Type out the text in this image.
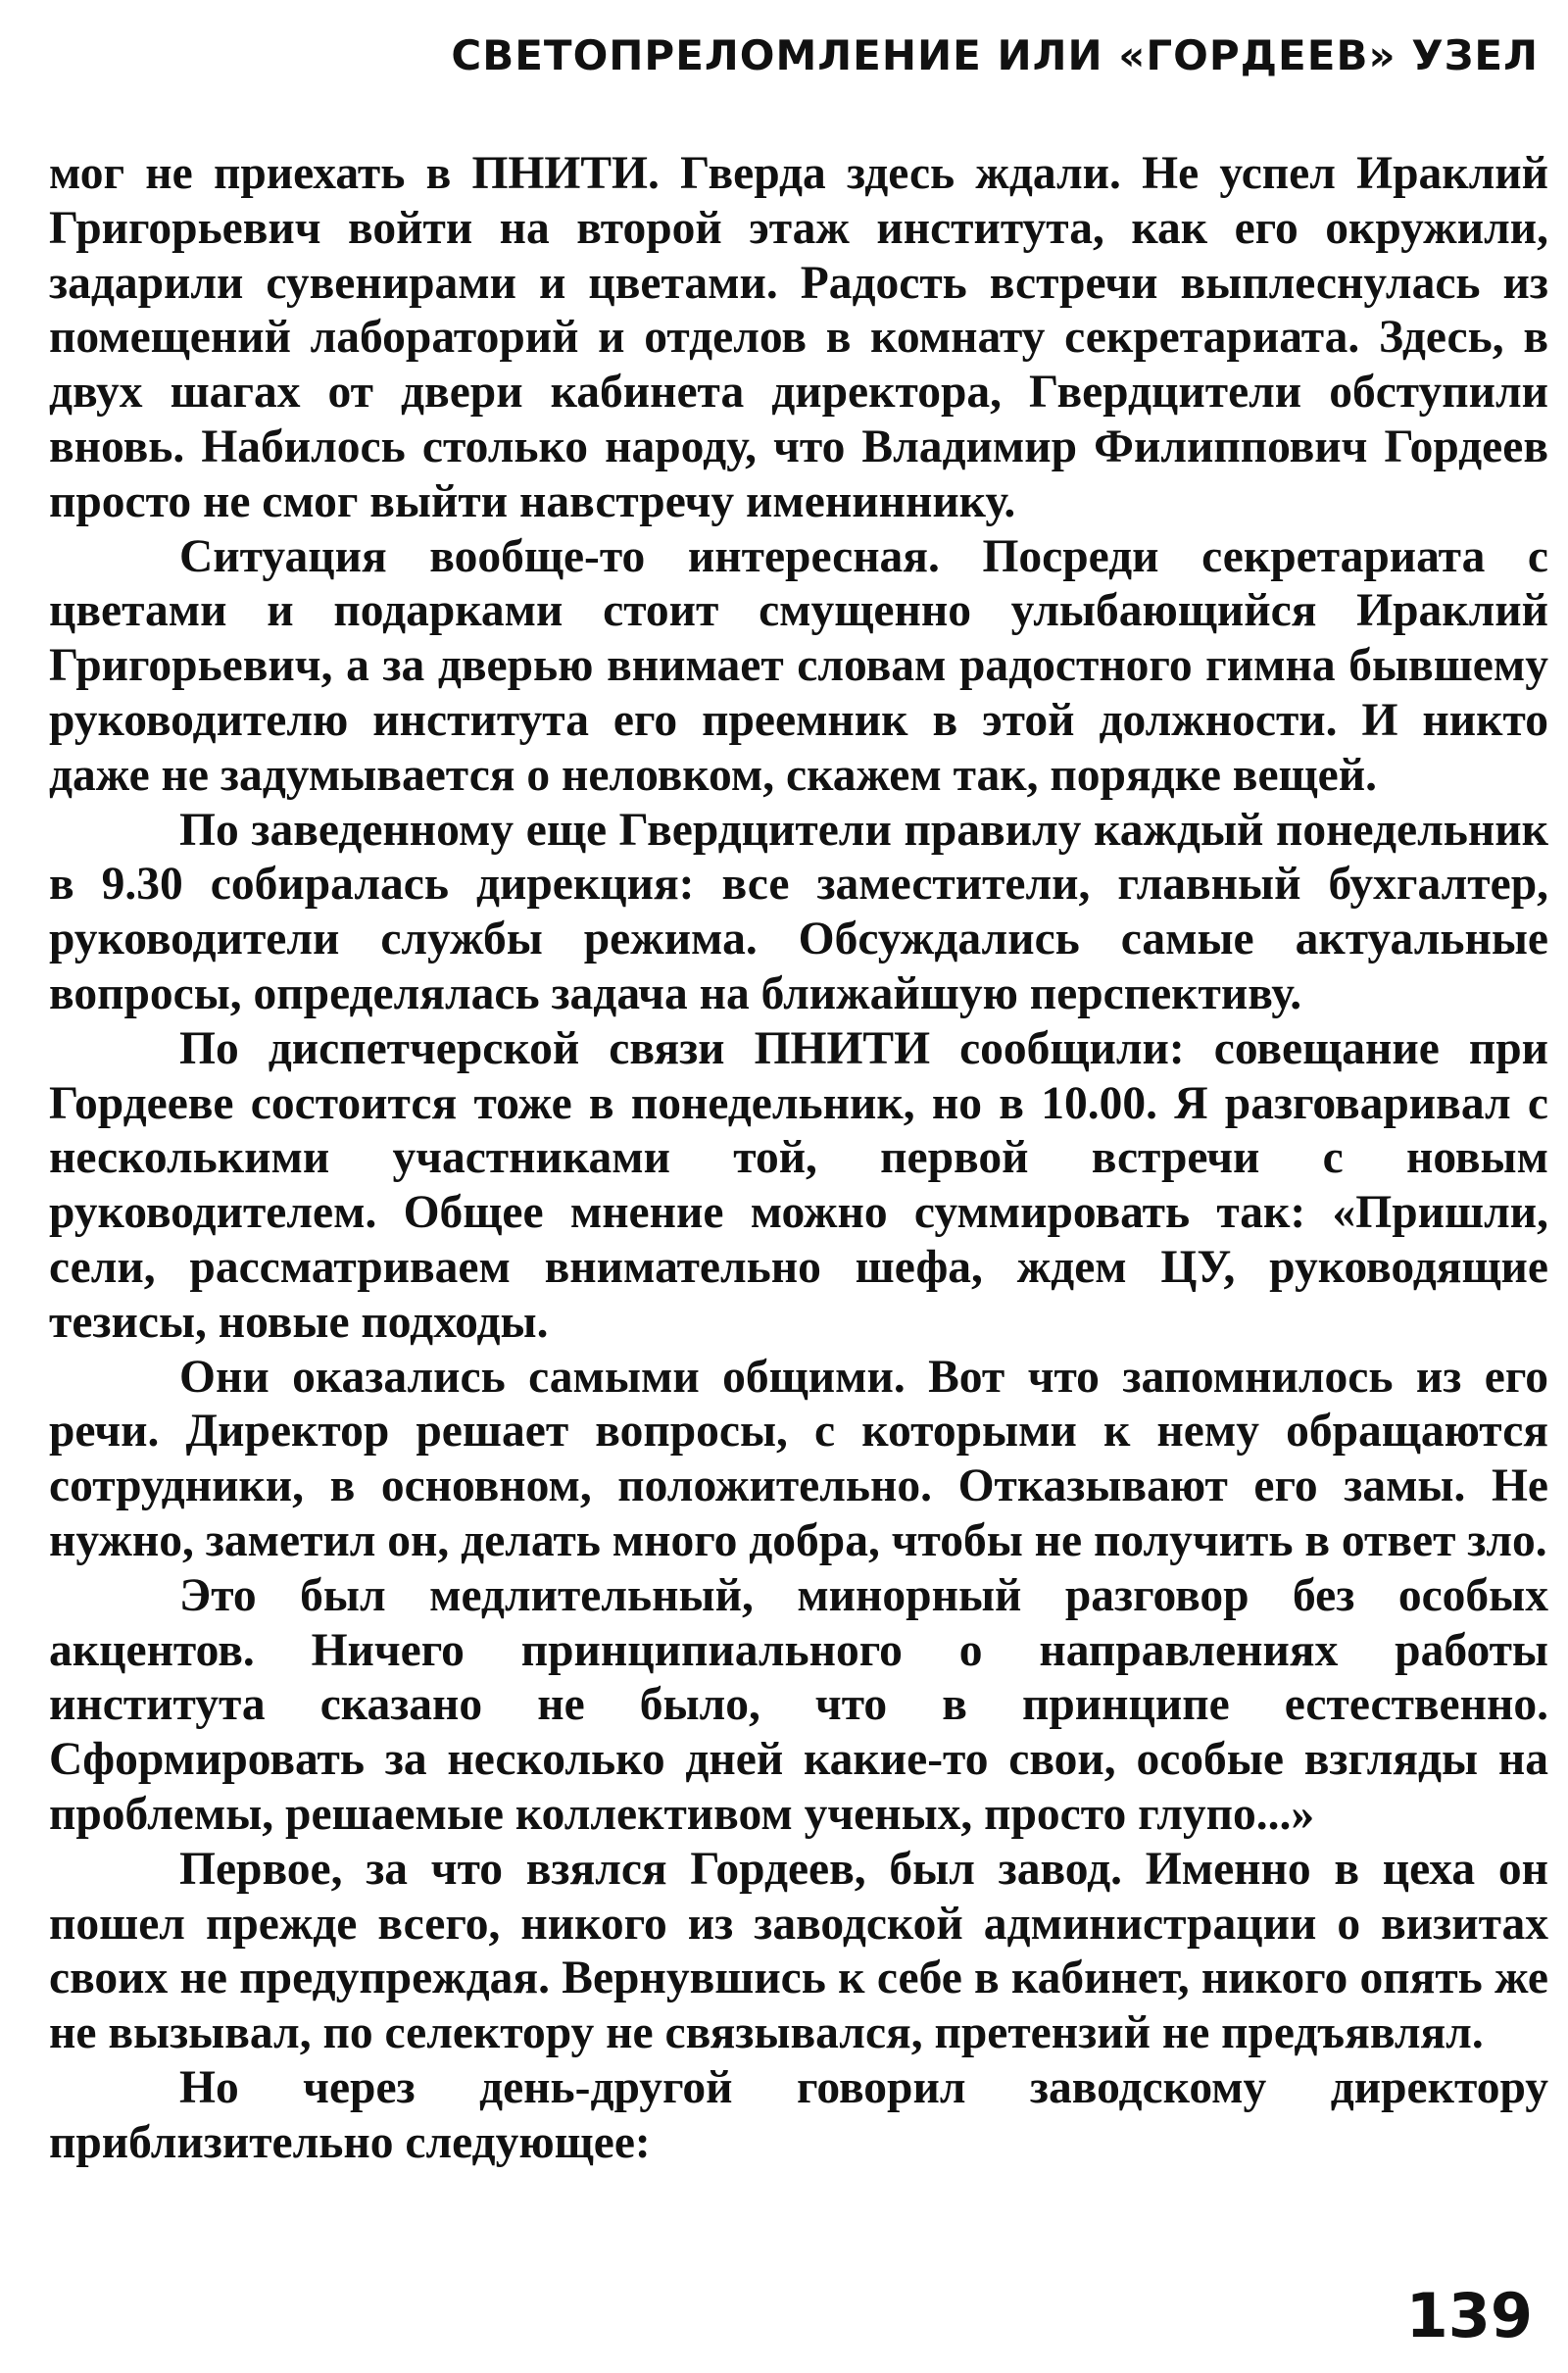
СВЕТОПРЕЛОМЛЕНИЕ ИЛИ «ГОРДЕЕВ» УЗЕЛ

мог не приехать в ПНИТИ. Гверда здесь ждали. Не успел Ираклий Григорьевич войти на второй этаж института, как его окружили, задарили сувенирами и цветами. Радость встречи выплеснулась из помещений лабораторий и отделов в комнату секретариата. Здесь, в двух шагах от двери кабинета директора, Гвердцители обступили вновь. Набилось столько народу, что Владимир Филиппович Гордеев просто не смог выйти навстречу имениннику.

Ситуация вообще-то интересная. Посреди секретариата с цветами и подарками стоит смущенно улыбающийся Ираклий Григорьевич, а за дверью внимает словам радостного гимна бывшему руководителю института его преемник в этой должности. И никто даже не задумывается о неловком, скажем так, порядке вещей.

По заведенному еще Гвердцители правилу каждый понедельник в 9.30 собиралась дирекция: все заместители, главный бухгалтер, руководители службы режима. Обсуждались самые актуальные вопросы, определялась задача на ближайшую перспективу.

По диспетчерской связи ПНИТИ сообщили: совещание при Гордееве состоится тоже в понедельник, но в 10.00. Я разговаривал с несколькими участниками той, первой встречи с новым руководителем. Общее мнение можно суммировать так: «Пришли, сели, рассматриваем внимательно шефа, ждем ЦУ, руководящие тезисы, новые подходы.

Они оказались самыми общими. Вот что запомнилось из его речи. Директор решает вопросы, с которыми к нему обращаются сотрудники, в основном, положительно. Отказывают его замы. Не нужно, заметил он, делать много добра, чтобы не получить в ответ зло.

Это был медлительный, минорный разговор без особых акцентов. Ничего принципиального о направлениях работы института сказано не было, что в принципе естественно. Сформировать за несколько дней какие-то свои, особые взгляды на проблемы, решаемые коллективом ученых, просто глупо...»

Первое, за что взялся Гордеев, был завод. Именно в цеха он пошел прежде всего, никого из заводской администрации о визитах своих не предупреждая. Вернувшись к себе в кабинет, никого опять же не вызывал, по селектору не связывался, претензий не предъявлял.

Но через день-другой говорил заводскому директору приблизительно следующее:

139
